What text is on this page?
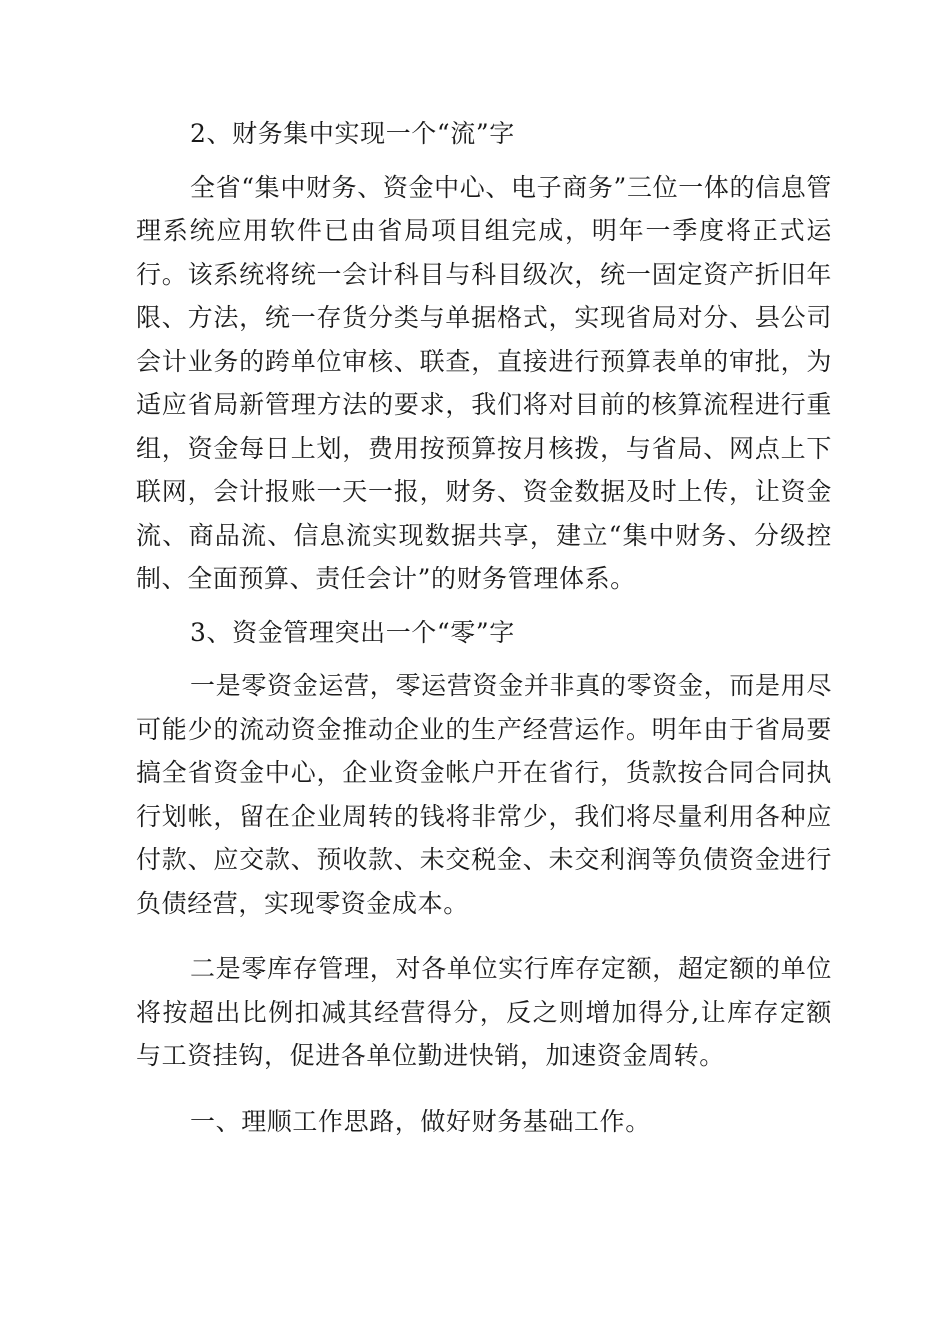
2、财务集中实现一个“流”字

全省“集中财务、资金中心、电子商务”三位一体的信息管理系统应用软件已由省局项目组完成，明年一季度将正式运行。该系统将统一会计科目与科目级次，统一固定资产折旧年限、方法，统一存货分类与单据格式，实现省局对分、县公司会计业务的跨单位审核、联查，直接进行预算表单的审批，为适应省局新管理方法的要求，我们将对目前的核算流程进行重组，资金每日上划，费用按预算按月核拨，与省局、网点上下联网，会计报账一天一报，财务、资金数据及时上传，让资金流、商品流、信息流实现数据共享，建立“集中财务、分级控制、全面预算、责任会计”的财务管理体系。

3、资金管理突出一个“零”字

一是零资金运营，零运营资金并非真的零资金，而是用尽可能少的流动资金推动企业的生产经营运作。明年由于省局要搞全省资金中心，企业资金帐户开在省行，货款按合同合同执行划帐，留在企业周转的钱将非常少，我们将尽量利用各种应付款、应交款、预收款、未交税金、未交利润等负债资金进行负债经营，实现零资金成本。

二是零库存管理，对各单位实行库存定额，超定额的单位将按超出比例扣减其经营得分，反之则增加得分,让库存定额与工资挂钩，促进各单位勤进快销，加速资金周转。

一、理顺工作思路，做好财务基础工作。
